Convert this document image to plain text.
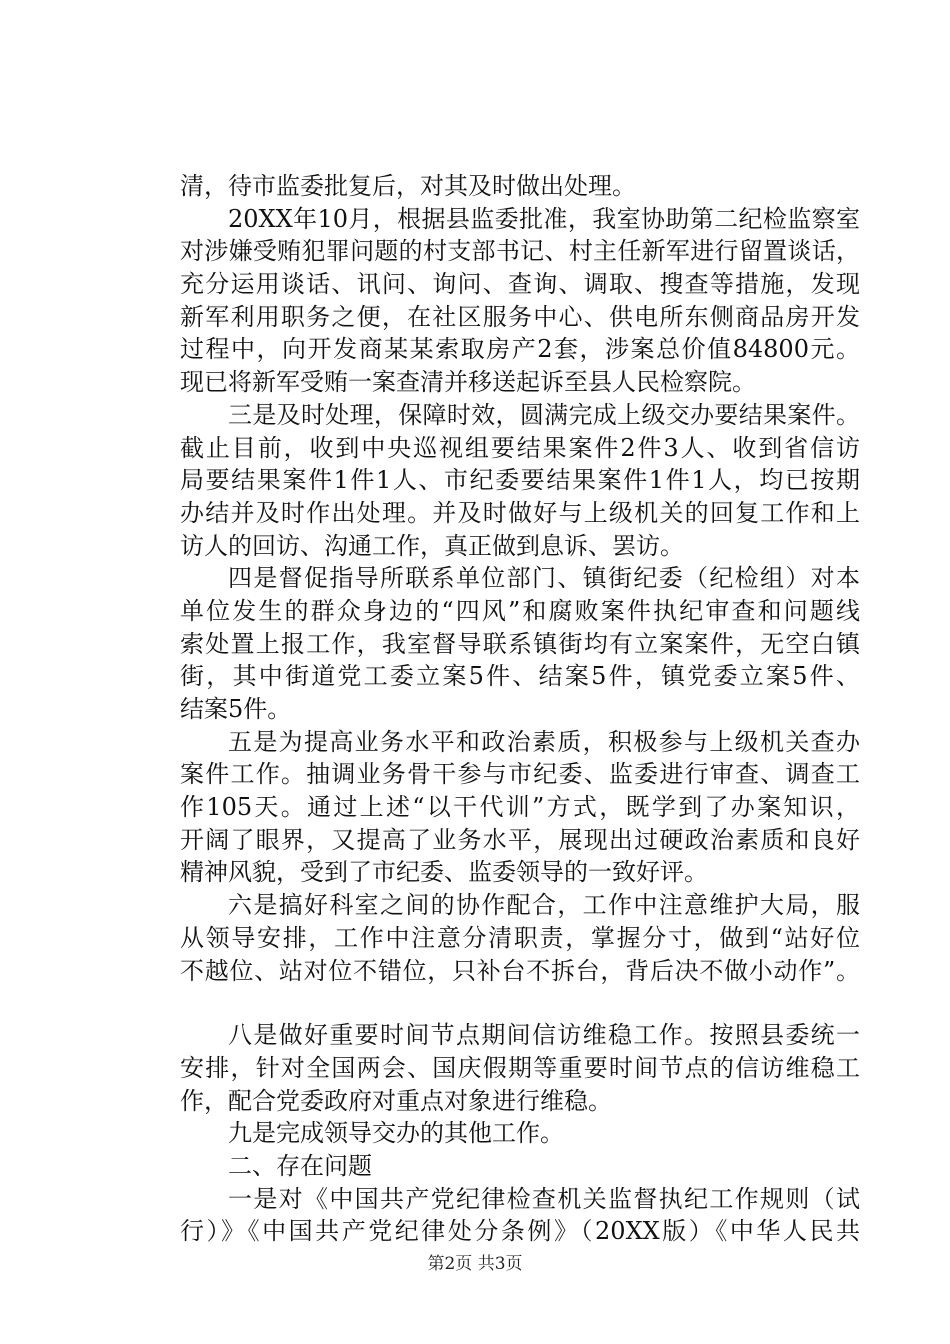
清，待市监委批复后，对其及时做出处理。
20XX年10月，根据县监委批准，我室协助第二纪检监察室
对涉嫌受贿犯罪问题的村支部书记、村主任新军进行留置谈话，
充分运用谈话、讯问、询问、查询、调取、搜查等措施，发现
新军利用职务之便，在社区服务中心、供电所东侧商品房开发
过程中，向开发商某某索取房产2套，涉案总价值84800元。
现已将新军受贿一案查清并移送起诉至县人民检察院。
三是及时处理，保障时效，圆满完成上级交办要结果案件。
截止目前，收到中央巡视组要结果案件2件3人、收到省信访
局要结果案件1件1人、市纪委要结果案件1件1人，均已按期
办结并及时作出处理。并及时做好与上级机关的回复工作和上
访人的回访、沟通工作，真正做到息诉、罢访。
四是督促指导所联系单位部门、镇街纪委（纪检组）对本
单位发生的群众身边的“四风”和腐败案件执纪审查和问题线
索处置上报工作，我室督导联系镇街均有立案案件，无空白镇
街，其中街道党工委立案5件、结案5件，镇党委立案5件、
结案5件。
五是为提高业务水平和政治素质，积极参与上级机关查办
案件工作。抽调业务骨干参与市纪委、监委进行审查、调查工
作105天。通过上述“以干代训”方式，既学到了办案知识，
开阔了眼界，又提高了业务水平，展现出过硬政治素质和良好
精神风貌，受到了市纪委、监委领导的一致好评。
六是搞好科室之间的协作配合，工作中注意维护大局，服
从领导安排，工作中注意分清职责，掌握分寸，做到“站好位
不越位、站对位不错位，只补台不拆台，背后决不做小动作”。
八是做好重要时间节点期间信访维稳工作。按照县委统一
安排，针对全国两会、国庆假期等重要时间节点的信访维稳工
作，配合党委政府对重点对象进行维稳。
九是完成领导交办的其他工作。
二、存在问题
一是对《中国共产党纪律检查机关监督执纪工作规则（试
行）》《中国共产党纪律处分条例》（20XX版）《中华人民共
第2页 共3页
